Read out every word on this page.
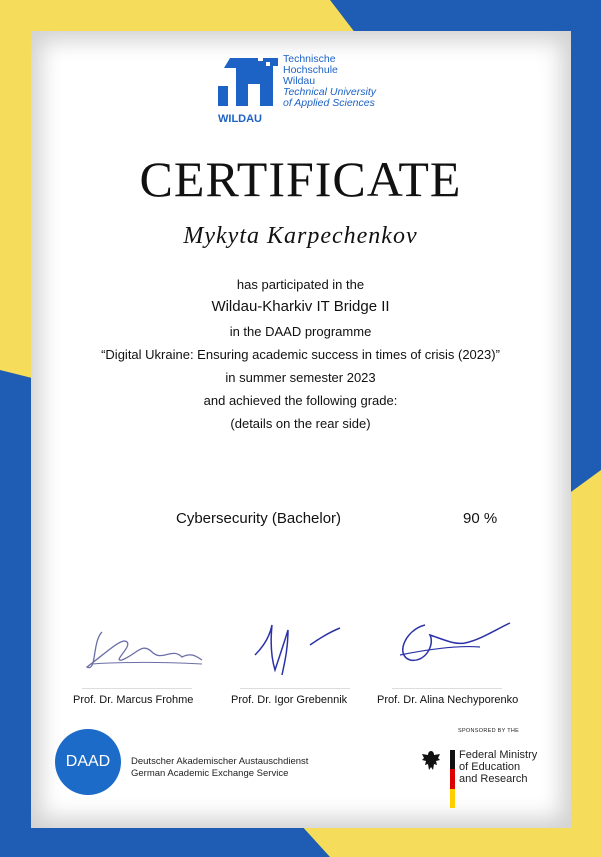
WILDAU
Technische
Hochschule
Wildau
Technical University
of Applied Sciences
CERTIFICATE
Mykyta Karpechenkov
has participated in the
Wildau-Kharkiv IT Bridge II
in the DAAD programme
“Digital Ukraine: Ensuring academic success in times of crisis (2023)”
in summer semester 2023
and achieved the following grade:
(details on the rear side)
Cybersecurity (Bachelor)	90 %
Prof. Dr. Marcus Frohme	Prof. Dr. Igor Grebennik	Prof. Dr. Alina Nechyporenko
DAAD Deutscher Akademischer Austauschdienst
German Academic Exchange Service
SPONSORED BY THE
Federal Ministry
of Education
and Research
